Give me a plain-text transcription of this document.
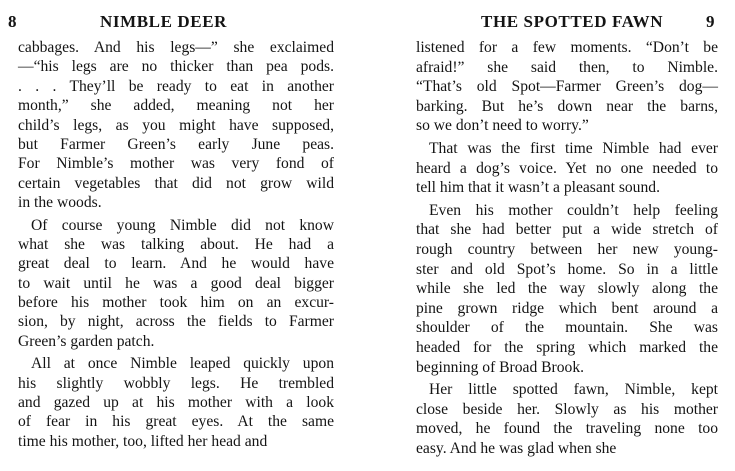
8	NIMBLE DEER
cabbages. And his legs—” she exclaimed
—“his legs are no thicker than pea pods.
. . . They’ll be ready to eat in another
month,” she added, meaning not her
child’s legs, as you might have supposed,
but Farmer Green’s early June peas.
For Nimble’s mother was very fond of
certain vegetables that did not grow wild
in the woods.
Of course young Nimble did not know
what she was talking about. He had a
great deal to learn. And he would have
to wait until he was a good deal bigger
before his mother took him on an excur-
sion, by night, across the fields to Farmer
Green’s garden patch.
All at once Nimble leaped quickly upon
his slightly wobbly legs. He trembled
and gazed up at his mother with a look
of fear in his great eyes. At the same
time his mother, too, lifted her head and
THE SPOTTED FAWN	9
listened for a few moments. “Don’t be
afraid!” she said then, to Nimble.
“That’s old Spot—Farmer Green’s dog—
barking. But he’s down near the barns,
so we don’t need to worry.”
That was the first time Nimble had ever
heard a dog’s voice. Yet no one needed to
tell him that it wasn’t a pleasant sound.
Even his mother couldn’t help feeling
that she had better put a wide stretch of
rough country between her new young-
ster and old Spot’s home. So in a little
while she led the way slowly along the
pine grown ridge which bent around a
shoulder of the mountain. She was
headed for the spring which marked the
beginning of Broad Brook.
Her little spotted fawn, Nimble, kept
close beside her. Slowly as his mother
moved, he found the traveling none too
easy. And he was glad when she
